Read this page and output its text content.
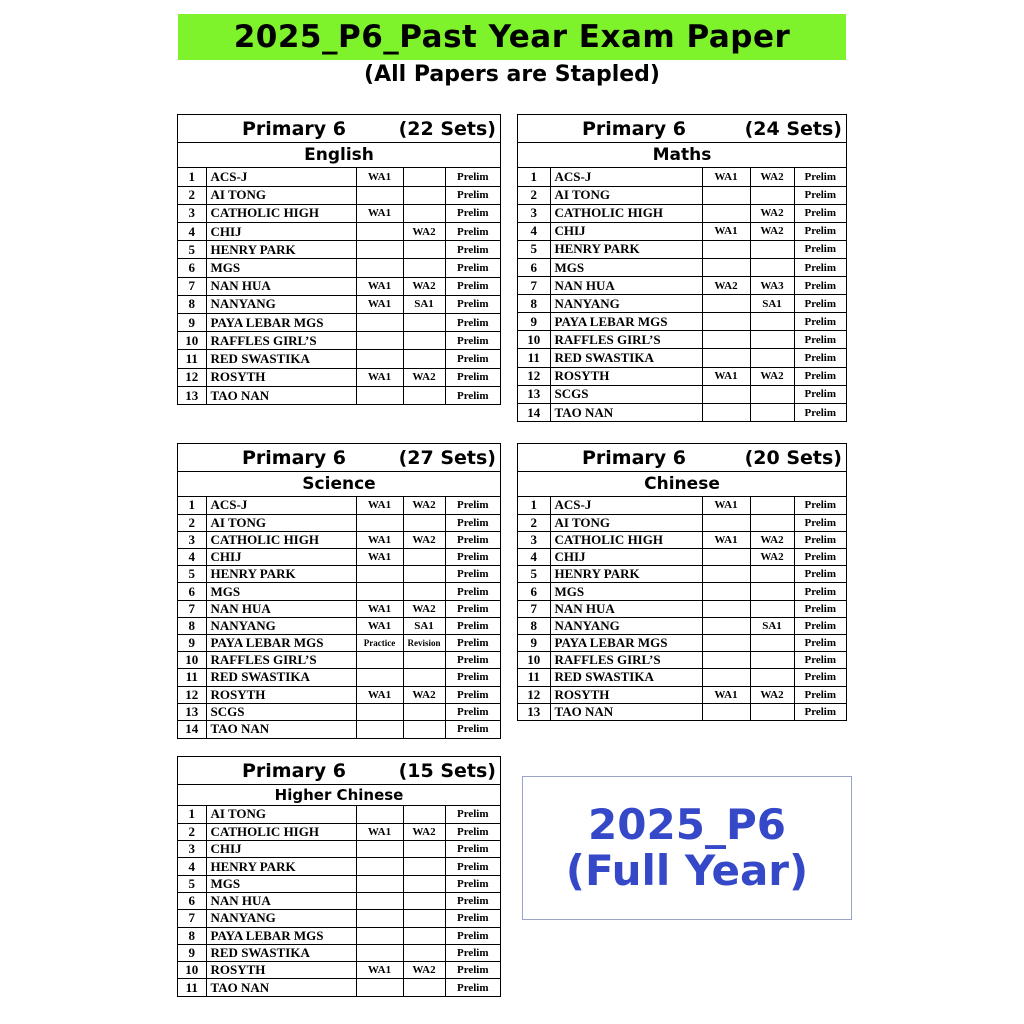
2025_P6_Past Year Exam Paper
(All Papers are Stapled)
Primary 6	(22 Sets)
English
1	ACS-J	WA1		Prelim
2	AI TONG			Prelim
3	CATHOLIC HIGH	WA1		Prelim
4	CHIJ		WA2	Prelim
5	HENRY PARK			Prelim
6	MGS			Prelim
7	NAN HUA	WA1	WA2	Prelim
8	NANYANG	WA1	SA1	Prelim
9	PAYA LEBAR MGS			Prelim
10	RAFFLES GIRL’S			Prelim
11	RED SWASTIKA			Prelim
12	ROSYTH	WA1	WA2	Prelim
13	TAO NAN			Prelim
Primary 6	(24 Sets)
Maths
1	ACS-J	WA1	WA2	Prelim
2	AI TONG			Prelim
3	CATHOLIC HIGH		WA2	Prelim
4	CHIJ	WA1	WA2	Prelim
5	HENRY PARK			Prelim
6	MGS			Prelim
7	NAN HUA	WA2	WA3	Prelim
8	NANYANG		SA1	Prelim
9	PAYA LEBAR MGS			Prelim
10	RAFFLES GIRL’S			Prelim
11	RED SWASTIKA			Prelim
12	ROSYTH	WA1	WA2	Prelim
13	SCGS			Prelim
14	TAO NAN			Prelim
Primary 6	(27 Sets)
Science
1	ACS-J	WA1	WA2	Prelim
2	AI TONG			Prelim
3	CATHOLIC HIGH	WA1	WA2	Prelim
4	CHIJ	WA1		Prelim
5	HENRY PARK			Prelim
6	MGS			Prelim
7	NAN HUA	WA1	WA2	Prelim
8	NANYANG	WA1	SA1	Prelim
9	PAYA LEBAR MGS	Practice	Revision	Prelim
10	RAFFLES GIRL’S			Prelim
11	RED SWASTIKA			Prelim
12	ROSYTH	WA1	WA2	Prelim
13	SCGS			Prelim
14	TAO NAN			Prelim
Primary 6	(20 Sets)
Chinese
1	ACS-J	WA1		Prelim
2	AI TONG			Prelim
3	CATHOLIC HIGH	WA1	WA2	Prelim
4	CHIJ		WA2	Prelim
5	HENRY PARK			Prelim
6	MGS			Prelim
7	NAN HUA			Prelim
8	NANYANG		SA1	Prelim
9	PAYA LEBAR MGS			Prelim
10	RAFFLES GIRL’S			Prelim
11	RED SWASTIKA			Prelim
12	ROSYTH	WA1	WA2	Prelim
13	TAO NAN			Prelim
Primary 6	(15 Sets)
Higher Chinese
1	AI TONG			Prelim
2	CATHOLIC HIGH	WA1	WA2	Prelim
3	CHIJ			Prelim
4	HENRY PARK			Prelim
5	MGS			Prelim
6	NAN HUA			Prelim
7	NANYANG			Prelim
8	PAYA LEBAR MGS			Prelim
9	RED SWASTIKA			Prelim
10	ROSYTH	WA1	WA2	Prelim
11	TAO NAN			Prelim
2025_P6
(Full Year)
